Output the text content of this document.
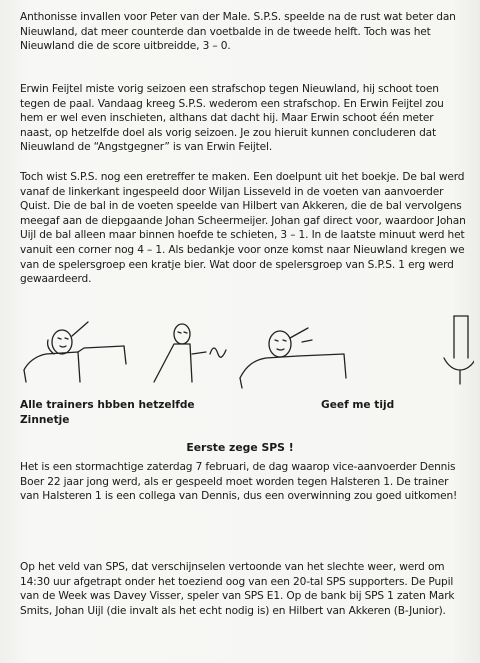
Anthonisse invallen voor Peter van der Male. S.P.S. speelde na de rust wat beter dan Nieuwland, dat meer counterde dan voetbalde in de tweede helft. Toch was het Nieuwland die de score uitbreidde, 3 – 0.

Erwin Feijtel miste vorig seizoen een strafschop tegen Nieuwland, hij schoot toen tegen de paal. Vandaag kreeg S.P.S. wederom een strafschop. En Erwin Feijtel zou hem er wel even inschieten, althans dat dacht hij. Maar Erwin schoot één meter naast, op hetzelfde doel als vorig seizoen. Je zou hieruit kunnen concluderen dat Nieuwland de “Angstgegner” is van Erwin Feijtel.

Toch wist S.P.S. nog een eretreffer te maken. Een doelpunt uit het boekje. De bal werd vanaf de linkerkant ingespeeld door Wiljan Lisseveld in de voeten van aanvoerder Quist. Die de bal in de voeten speelde van Hilbert van Akkeren, die de bal vervolgens meegaf aan de diepgaande Johan Scheermeijer. Johan gaf direct voor, waardoor Johan Uijl de bal alleen maar binnen hoefde te schieten, 3 – 1. In de laatste minuut werd het vanuit een corner nog 4 – 1. Als bedankje voor onze komst naar Nieuwland kregen we van de spelersgroep een kratje bier. Wat door de spelersgroep van S.P.S. 1 erg werd gewaardeerd.

Alle trainers hbben hetzelfde Zinnetje

Geef me tijd

Eerste zege SPS !

Het is een stormachtige zaterdag 7 februari, de dag waarop vice-aanvoerder Dennis Boer 22 jaar jong werd, als er gespeeld moet worden tegen Halsteren 1. De trainer van Halsteren 1 is een collega van Dennis, dus een overwinning zou goed uitkomen!

Op het veld van SPS, dat verschijnselen vertoonde van het slechte weer, werd om 14:30 uur afgetrapt onder het toeziend oog van een 20-tal SPS supporters. De Pupil van de Week was Davey Visser, speler van SPS E1. Op de bank bij SPS 1 zaten Mark Smits, Johan Uijl (die invalt als het echt nodig is) en Hilbert van Akkeren (B-Junior).
